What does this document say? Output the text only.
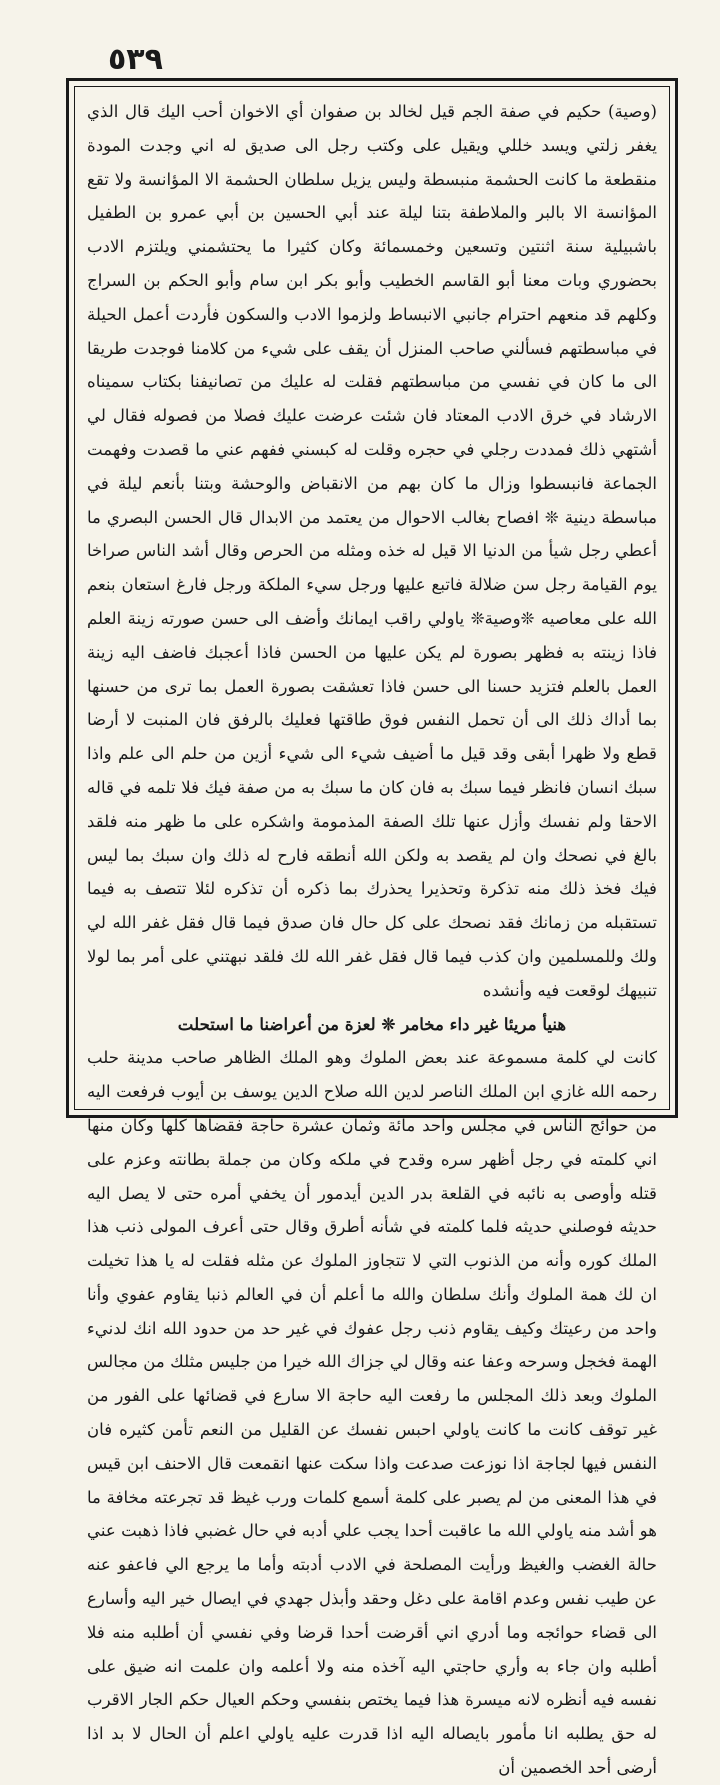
٥٣٩

(وصية) حكيم في صفة الجم قيل لخالد بن صفوان أي الاخوان أحب اليك قال الذي يغفر زلتي ويسد خللي ويقيل على وكتب رجل الى صديق له اني وجدت المودة منقطعة ما كانت الحشمة منبسطة وليس يزيل سلطان الحشمة الا المؤانسة ولا تقع المؤانسة الا بالبر والملاطفة بتنا ليلة عند أبي الحسين بن أبي عمرو بن الطفيل باشبيلية سنة اثنتين وتسعين وخمسمائة وكان كثيرا ما يحتشمني ويلتزم الادب بحضوري وبات معنا أبو القاسم الخطيب وأبو بكر ابن سام وأبو الحكم بن السراج وكلهم قد منعهم احترام جانبي الانبساط ولزموا الادب والسكون فأردت أعمل الحيلة في مباسطتهم فسألني صاحب المنزل أن يقف على شيء من كلامنا فوجدت طريقا الى ما كان في نفسي من مباسطتهم فقلت له عليك من تصانيفنا بكتاب سميناه الارشاد في خرق الادب المعتاد فان شئت عرضت عليك فصلا من فصوله فقال لي أشتهي ذلك فمددت رجلي في حجره وقلت له كبسني ففهم عني ما قصدت وفهمت الجماعة فانبسطوا وزال ما كان بهم من الانقباض والوحشة وبتنا بأنعم ليلة في مباسطة دينية ❊ افصاح بغالب الاحوال من يعتمد من الابدال قال الحسن البصري ما أعطي رجل شيأ من الدنيا الا قيل له خذه ومثله من الحرص وقال أشد الناس صراخا يوم القيامة رجل سن ضلالة فاتبع عليها ورجل سيء الملكة ورجل فارغ استعان بنعم الله على معاصيه ❊وصية❊ ياولي راقب ايمانك وأضف الى حسن صورته زينة العلم فاذا زينته به فظهر بصورة لم يكن عليها من الحسن فاذا أعجبك فاضف اليه زينة العمل بالعلم فتزيد حسنا الى حسن فاذا تعشقت بصورة العمل بما ترى من حسنها بما أداك ذلك الى أن تحمل النفس فوق طاقتها فعليك بالرفق فان المنبت لا أرضا قطع ولا ظهرا أبقى وقد قيل ما أضيف شيء الى شيء أزين من حلم الى علم واذا سبك انسان فانظر فيما سبك به فان كان ما سبك به من صفة فيك فلا تلمه في قاله الاحقا ولم نفسك وأزل عنها تلك الصفة المذمومة واشكره على ما ظهر منه فلقد بالغ في نصحك وان لم يقصد به ولكن الله أنطقه فارح له ذلك وان سبك بما ليس فيك فخذ ذلك منه تذكرة وتحذيرا يحذرك بما ذكره أن تذكره لئلا تتصف به فيما تستقبله من زمانك فقد نصحك على كل حال فان صدق فيما قال فقل غفر الله لي ولك وللمسلمين وان كذب فيما قال فقل غفر الله لك فلقد نبهتني على أمر بما لولا تنبيهك لوقعت فيه وأنشده

هنيأ مريئا غير داء مخامر ❊ لعزة من أعراضنا ما استحلت

كانت لي كلمة مسموعة عند بعض الملوك وهو الملك الظاهر صاحب مدينة حلب رحمه الله غازي ابن الملك الناصر لدين الله صلاح الدين يوسف بن أيوب فرفعت اليه من حوائج الناس في مجلس واحد مائة وثمان عشرة حاجة فقضاها كلها وكان منها اني كلمته في رجل أظهر سره وقدح في ملكه وكان من جملة بطانته وعزم على قتله وأوصى به نائبه في القلعة بدر الدين أيدمور أن يخفي أمره حتى لا يصل اليه حديثه فوصلني حديثه فلما كلمته في شأنه أطرق وقال حتى أعرف المولى ذنب هذا الملك كوره وأنه من الذنوب التي لا تتجاوز الملوك عن مثله فقلت له يا هذا تخيلت ان لك همة الملوك وأنك سلطان والله ما أعلم أن في العالم ذنبا يقاوم عفوي وأنا واحد من رعيتك وكيف يقاوم ذنب رجل عفوك في غير حد من حدود الله انك لدنيء الهمة فخجل وسرحه وعفا عنه وقال لي جزاك الله خيرا من جليس مثلك من مجالس الملوك وبعد ذلك المجلس ما رفعت اليه حاجة الا سارع في قضائها على الفور من غير توقف كانت ما كانت ياولي احبس نفسك عن القليل من النعم تأمن كثيره فان النفس فيها لجاجة اذا نوزعت صدعت واذا سكت عنها انقمعت قال الاحنف ابن قيس في هذا المعنى من لم يصبر على كلمة أسمع كلمات ورب غيظ قد تجرعته مخافة ما هو أشد منه ياولي الله ما عاقبت أحدا يجب علي أدبه في حال غضبي فاذا ذهبت عني حالة الغضب والغيظ ورأيت المصلحة في الادب أدبته وأما ما يرجع الي فاعفو عنه عن طيب نفس وعدم اقامة على دغل وحقد وأبذل جهدي في ايصال خير اليه وأسارع الى قضاء حوائجه وما أدري اني أقرضت أحدا قرضا وفي نفسي أن أطلبه منه فلا أطلبه وان جاء به وأري حاجتي اليه آخذه منه ولا أعلمه وان علمت انه ضيق على نفسه فيه أنظره لانه ميسرة هذا فيما يختص بنفسي وحكم العيال حكم الجار الاقرب له حق يطلبه انا مأمور بايصاله اليه اذا قدرت عليه ياولي اعلم أن الحال لا بد اذا أرضى أحد الخصمين أن
